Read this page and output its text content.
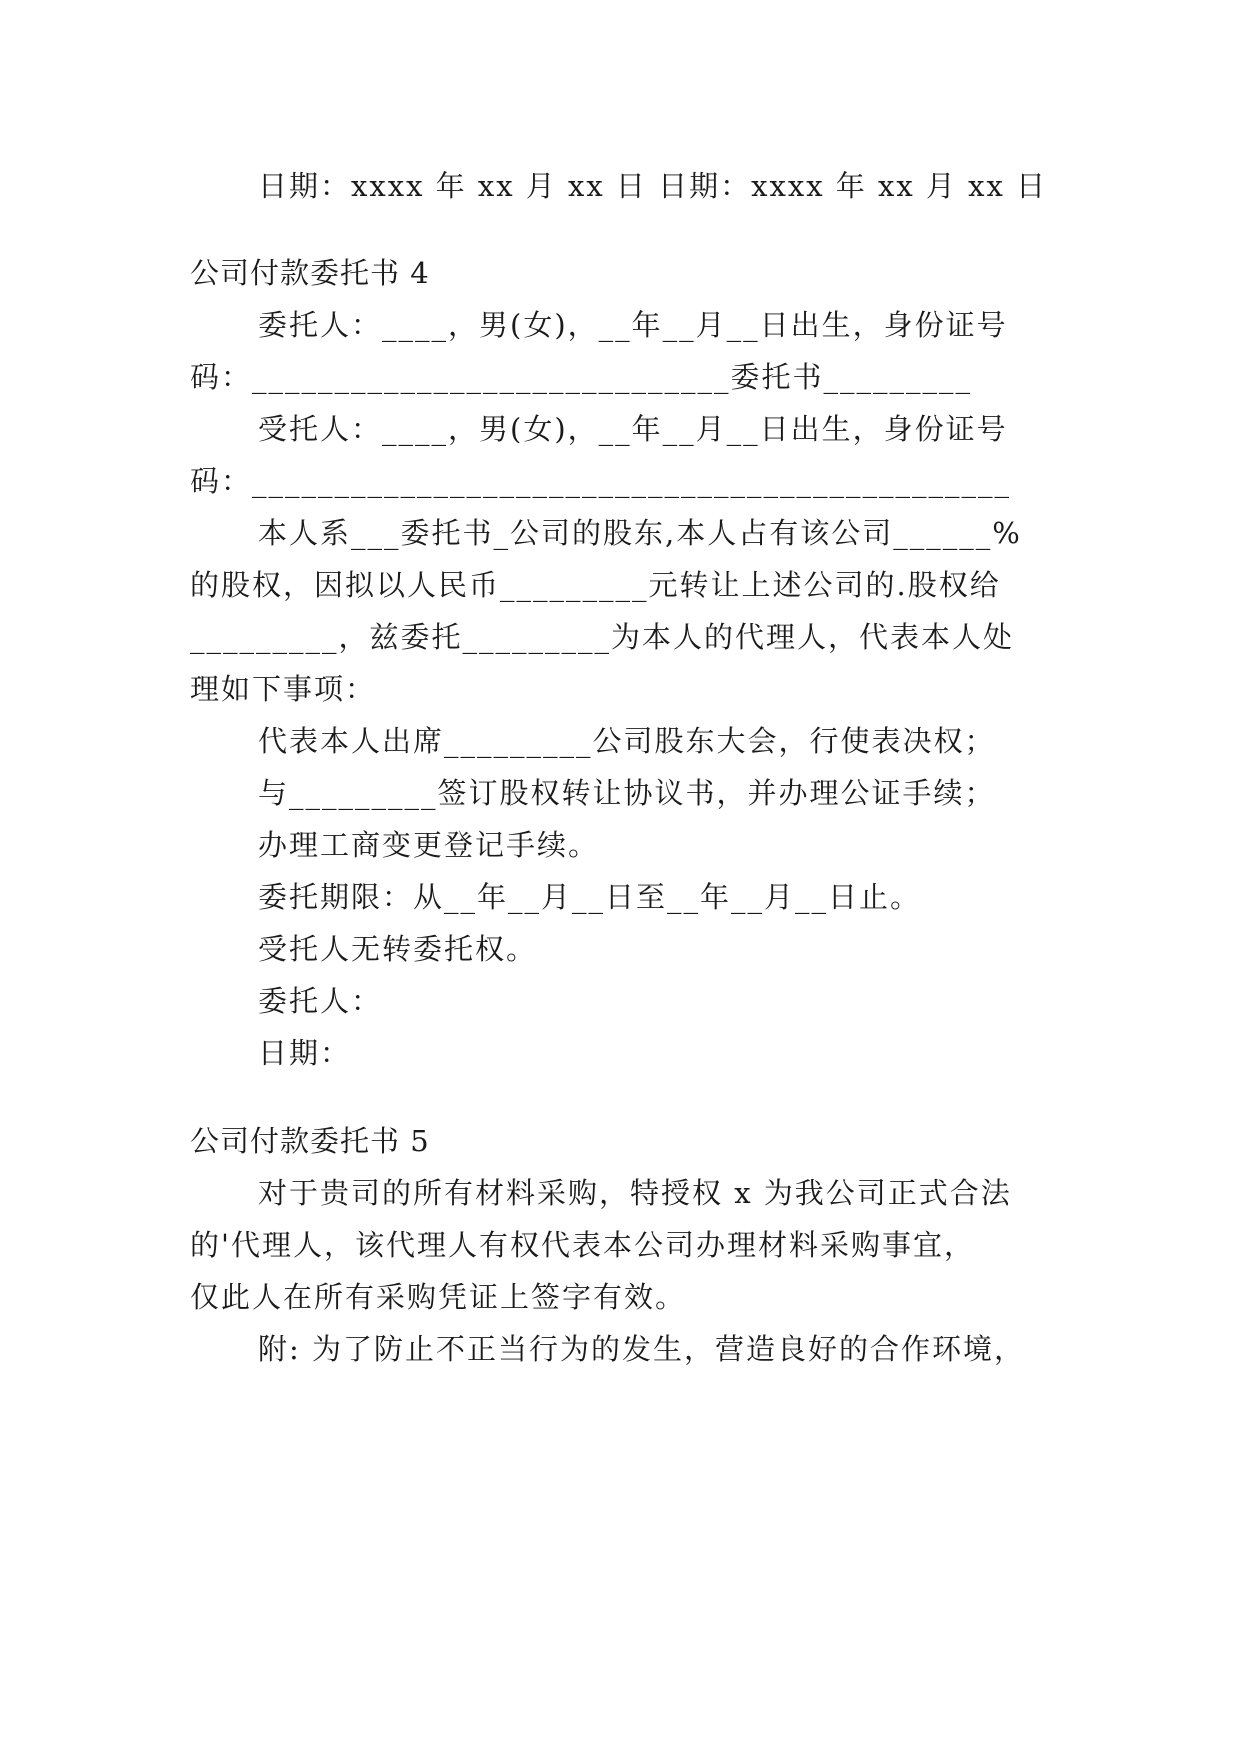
日期：xxxx 年 xx 月 xx 日 日期：xxxx 年 xx 月 xx 日
公司付款委托书 4
委托人：____，男(女)，__年__月__日出生，身份证号
码：_____________________________委托书_________
受托人：____，男(女)，__年__月__日出生，身份证号
码：______________________________________________
本人系___委托书_公司的股东,本人占有该公司______%
的股权，因拟以人民币_________元转让上述公司的.股权给
_________，兹委托_________为本人的代理人，代表本人处
理如下事项：
代表本人出席_________公司股东大会，行使表决权；
与_________签订股权转让协议书，并办理公证手续；
办理工商变更登记手续。
委托期限：从__年__月__日至__年__月__日止。
受托人无转委托权。
委托人：
日期：
公司付款委托书 5
对于贵司的所有材料采购，特授权 x 为我公司正式合法
的'代理人，该代理人有权代表本公司办理材料采购事宜，
仅此人在所有采购凭证上签字有效。
附: 为了防止不正当行为的发生，营造良好的合作环境，
